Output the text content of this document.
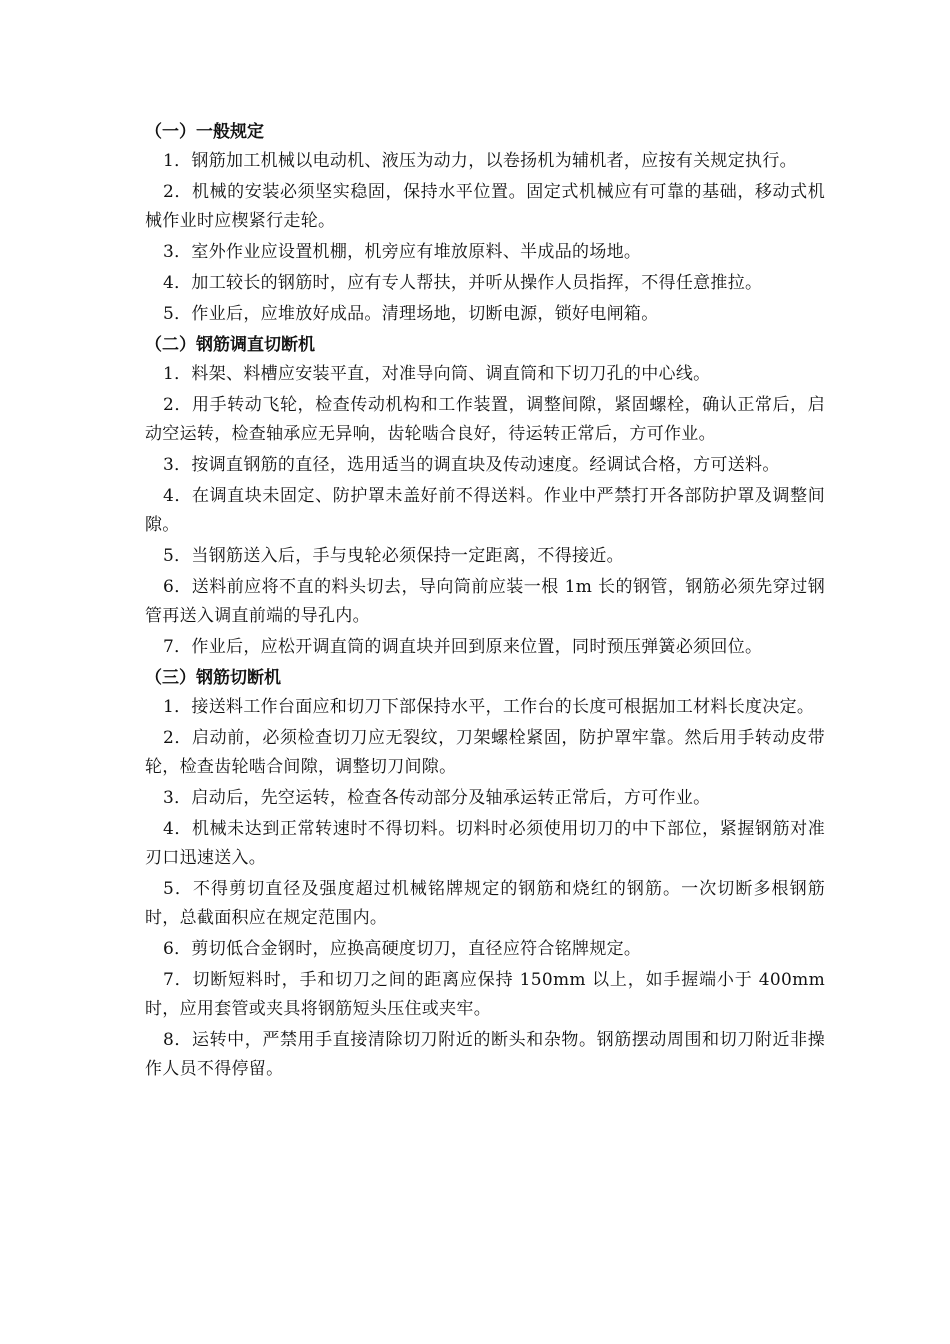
（一）一般规定

1．钢筋加工机械以电动机、液压为动力，以卷扬机为辅机者，应按有关规定执行。

2．机械的安装必须坚实稳固，保持水平位置。固定式机械应有可靠的基础，移动式机械作业时应楔紧行走轮。

3．室外作业应设置机棚，机旁应有堆放原料、半成品的场地。

4．加工较长的钢筋时，应有专人帮扶，并听从操作人员指挥，不得任意推拉。

5．作业后，应堆放好成品。清理场地，切断电源，锁好电闸箱。

（二）钢筋调直切断机

1．料架、料槽应安装平直，对准导向筒、调直筒和下切刀孔的中心线。

2．用手转动飞轮，检查传动机构和工作装置，调整间隙，紧固螺栓，确认正常后，启动空运转，检查轴承应无异响，齿轮啮合良好，待运转正常后，方可作业。

3．按调直钢筋的直径，选用适当的调直块及传动速度。经调试合格，方可送料。

4．在调直块未固定、防护罩未盖好前不得送料。作业中严禁打开各部防护罩及调整间隙。

5．当钢筋送入后，手与曳轮必须保持一定距离，不得接近。

6．送料前应将不直的料头切去，导向筒前应装一根 1m 长的钢管，钢筋必须先穿过钢管再送入调直前端的导孔内。

7．作业后，应松开调直筒的调直块并回到原来位置，同时预压弹簧必须回位。

（三）钢筋切断机

1．接送料工作台面应和切刀下部保持水平，工作台的长度可根据加工材料长度决定。

2．启动前，必须检查切刀应无裂纹，刀架螺栓紧固，防护罩牢靠。然后用手转动皮带轮，检查齿轮啮合间隙，调整切刀间隙。

3．启动后，先空运转，检查各传动部分及轴承运转正常后，方可作业。

4．机械未达到正常转速时不得切料。切料时必须使用切刀的中下部位，紧握钢筋对准刃口迅速送入。

5．不得剪切直径及强度超过机械铭牌规定的钢筋和烧红的钢筋。一次切断多根钢筋时，总截面积应在规定范围内。

6．剪切低合金钢时，应换高硬度切刀，直径应符合铭牌规定。

7．切断短料时，手和切刀之间的距离应保持 150mm 以上，如手握端小于 400mm 时，应用套管或夹具将钢筋短头压住或夹牢。

8．运转中，严禁用手直接清除切刀附近的断头和杂物。钢筋摆动周围和切刀附近非操作人员不得停留。
